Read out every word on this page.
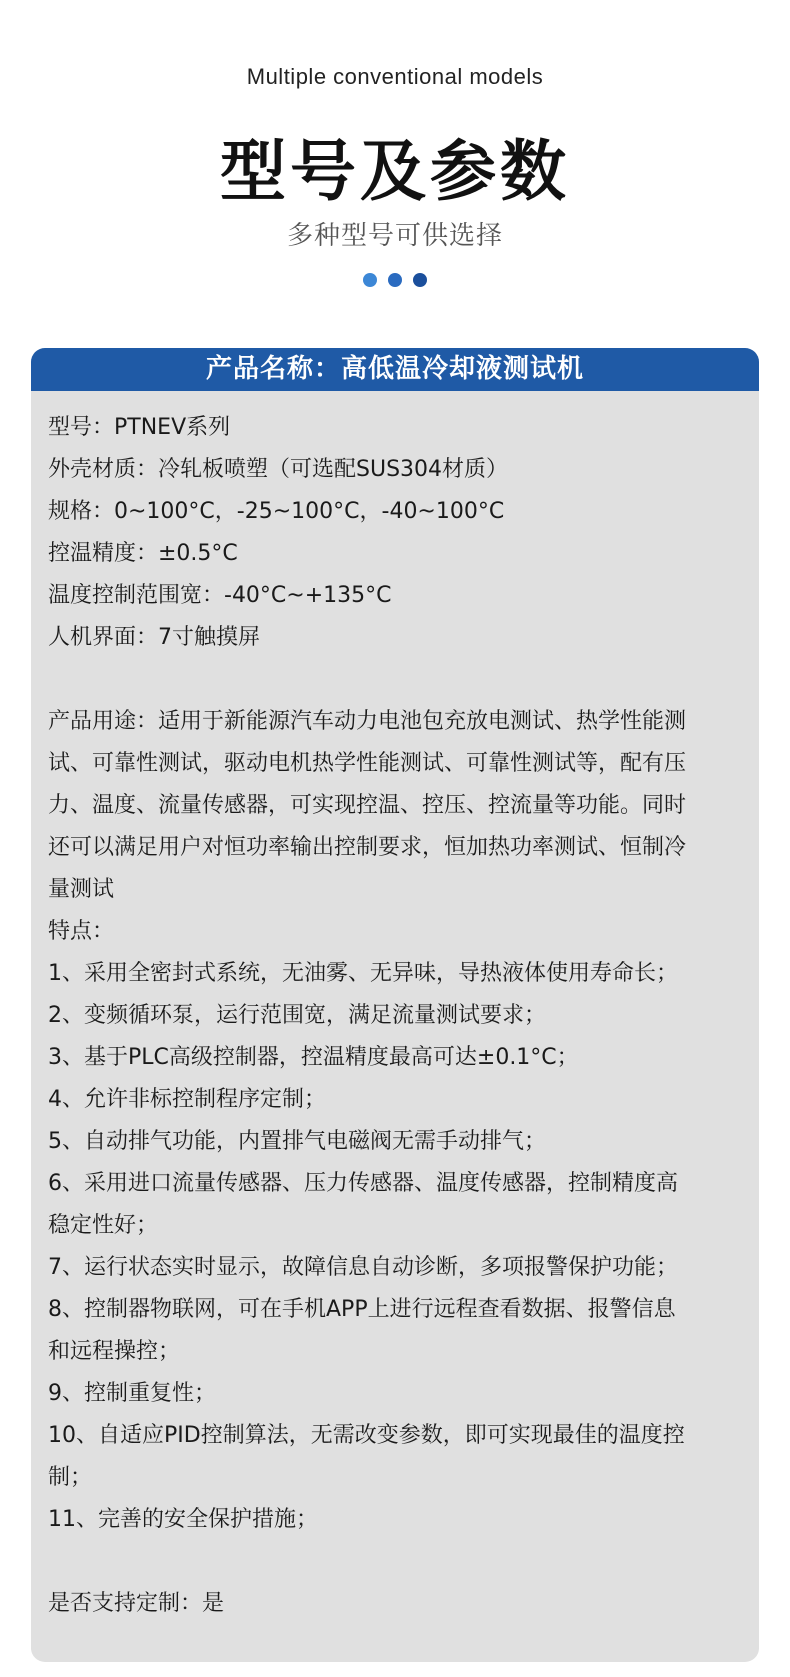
Multiple conventional models
型号及参数
多种型号可供选择
产品名称：高低温冷却液测试机
型号：PTNEV系列
外壳材质：冷轧板喷塑（可选配SUS304材质）
规格：0~100°C，-25~100°C，-40~100°C
控温精度：±0.5°C
温度控制范围宽：-40°C~+135°C
人机界面：7寸触摸屏
产品用途：适用于新能源汽车动力电池包充放电测试、热学性能测
试、可靠性测试，驱动电机热学性能测试、可靠性测试等，配有压
力、温度、流量传感器，可实现控温、控压、控流量等功能。同时
还可以满足用户对恒功率输出控制要求，恒加热功率测试、恒制冷
量测试
特点：
1、采用全密封式系统，无油雾、无异味，导热液体使用寿命长；
2、变频循环泵，运行范围宽，满足流量测试要求；
3、基于PLC高级控制器，控温精度最高可达±0.1°C；
4、允许非标控制程序定制；
5、自动排气功能，内置排气电磁阀无需手动排气；
6、采用进口流量传感器、压力传感器、温度传感器，控制精度高
稳定性好；
7、运行状态实时显示，故障信息自动诊断，多项报警保护功能；
8、控制器物联网，可在手机APP上进行远程查看数据、报警信息
和远程操控；
9、控制重复性；
10、自适应PID控制算法，无需改变参数，即可实现最佳的温度控
制；
11、完善的安全保护措施；
是否支持定制：是
